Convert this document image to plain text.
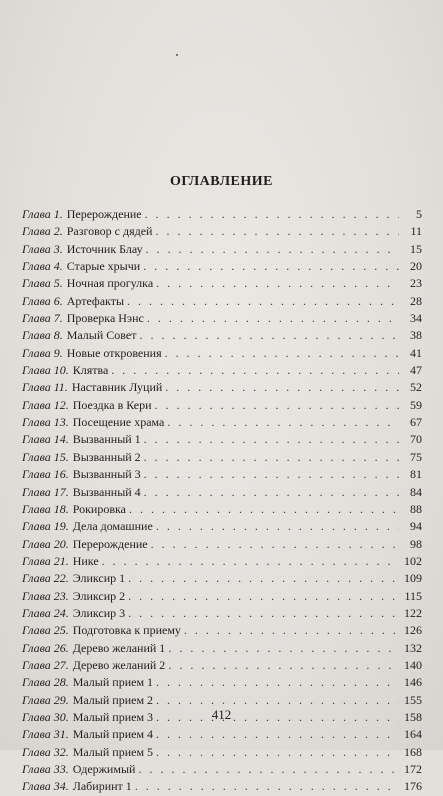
ОГЛАВЛЕНИЕ
Глава 1. Перерождение . . .	5
Глава 2. Разговор с дядей . . .	11
Глава 3. Источник Блау . . .	15
Глава 4. Старые хрычи . . .	20
Глава 5. Ночная прогулка . . .	23
Глава 6. Артефакты . . .	28
Глава 7. Проверка Нэнс . . .	34
Глава 8. Малый Совет . . .	38
Глава 9. Новые откровения . . .	41
Глава 10. Клятва . . .	47
Глава 11. Наставник Луций . . .	52
Глава 12. Поездка в Кери . . .	59
Глава 13. Посещение храма . . .	67
Глава 14. Вызванный 1 . . .	70
Глава 15. Вызванный 2 . . .	75
Глава 16. Вызванный 3 . . .	81
Глава 17. Вызванный 4 . . .	84
Глава 18. Рокировка . . .	88
Глава 19. Дела домашние . . .	94
Глава 20. Перерождение . . .	98
Глава 21. Нике . . .	102
Глава 22. Эликсир 1 . . .	109
Глава 23. Эликсир 2 . . .	115
Глава 24. Эликсир 3 . . .	122
Глава 25. Подготовка к приему . . .	126
Глава 26. Дерево желаний 1 . . .	132
Глава 27. Дерево желаний 2 . . .	140
Глава 28. Малый прием 1 . . .	146
Глава 29. Малый прием 2 . . .	155
Глава 30. Малый прием 3 . . .	158
Глава 31. Малый прием 4 . . .	164
Глава 32. Малый прием 5 . . .	168
Глава 33. Одержимый . . .	172
Глава 34. Лабиринт 1 . . .	176
412
